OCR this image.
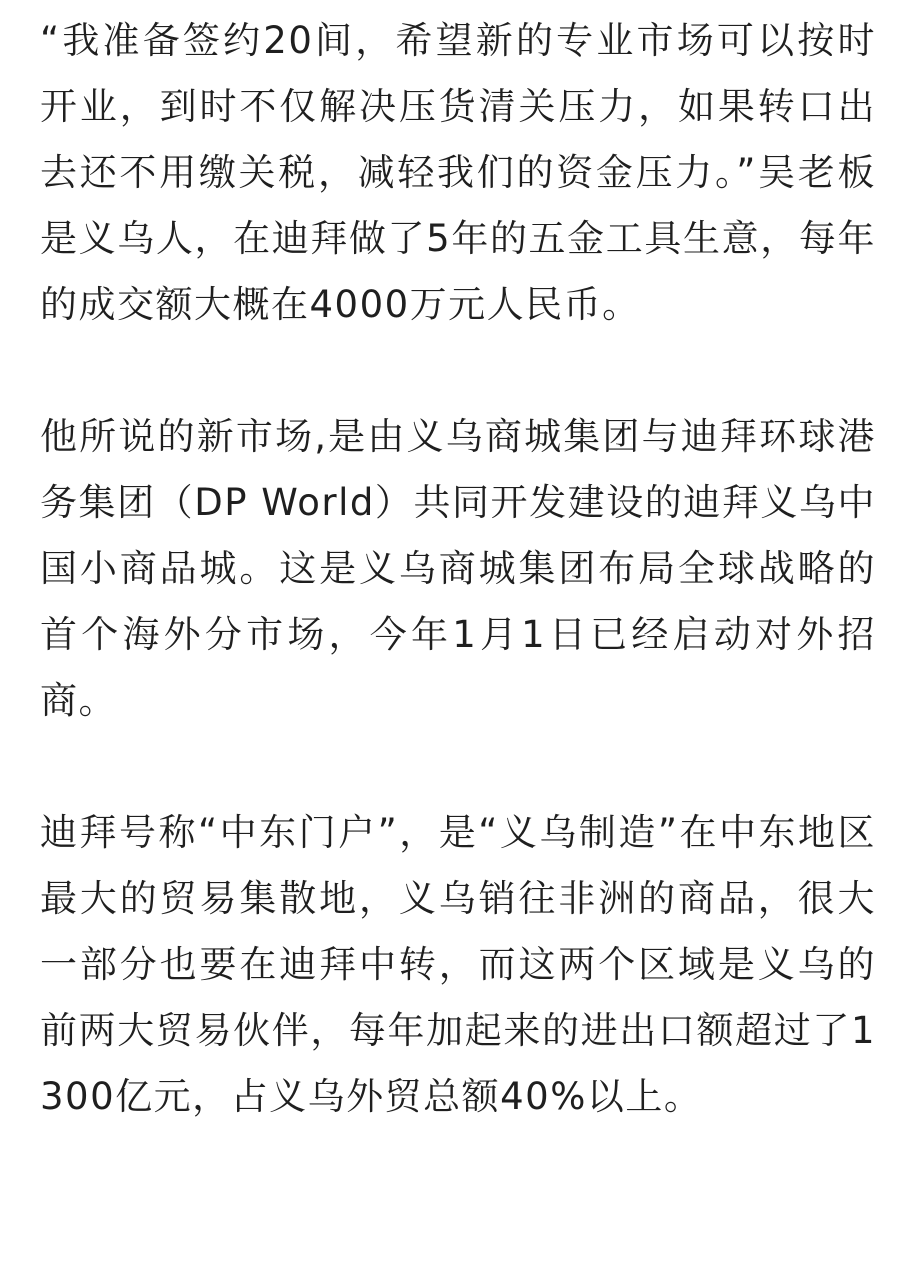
“我准备签约20间，希望新的专业市场可以按时开业，到时不仅解决压货清关压力，如果转口出去还不用缴关税，减轻我们的资金压力。”吴老板是义乌人，在迪拜做了5年的五金工具生意，每年的成交额大概在4000万元人民币。

他所说的新市场,是由义乌商城集团与迪拜环球港务集团（DP World）共同开发建设的迪拜义乌中国小商品城。这是义乌商城集团布局全球战略的首个海外分市场，今年1月1日已经启动对外招商。

迪拜号称“中东门户”，是“义乌制造”在中东地区最大的贸易集散地，义乌销往非洲的商品，很大一部分也要在迪拜中转，而这两个区域是义乌的前两大贸易伙伴，每年加起来的进出口额超过了1300亿元，占义乌外贸总额40%以上。
